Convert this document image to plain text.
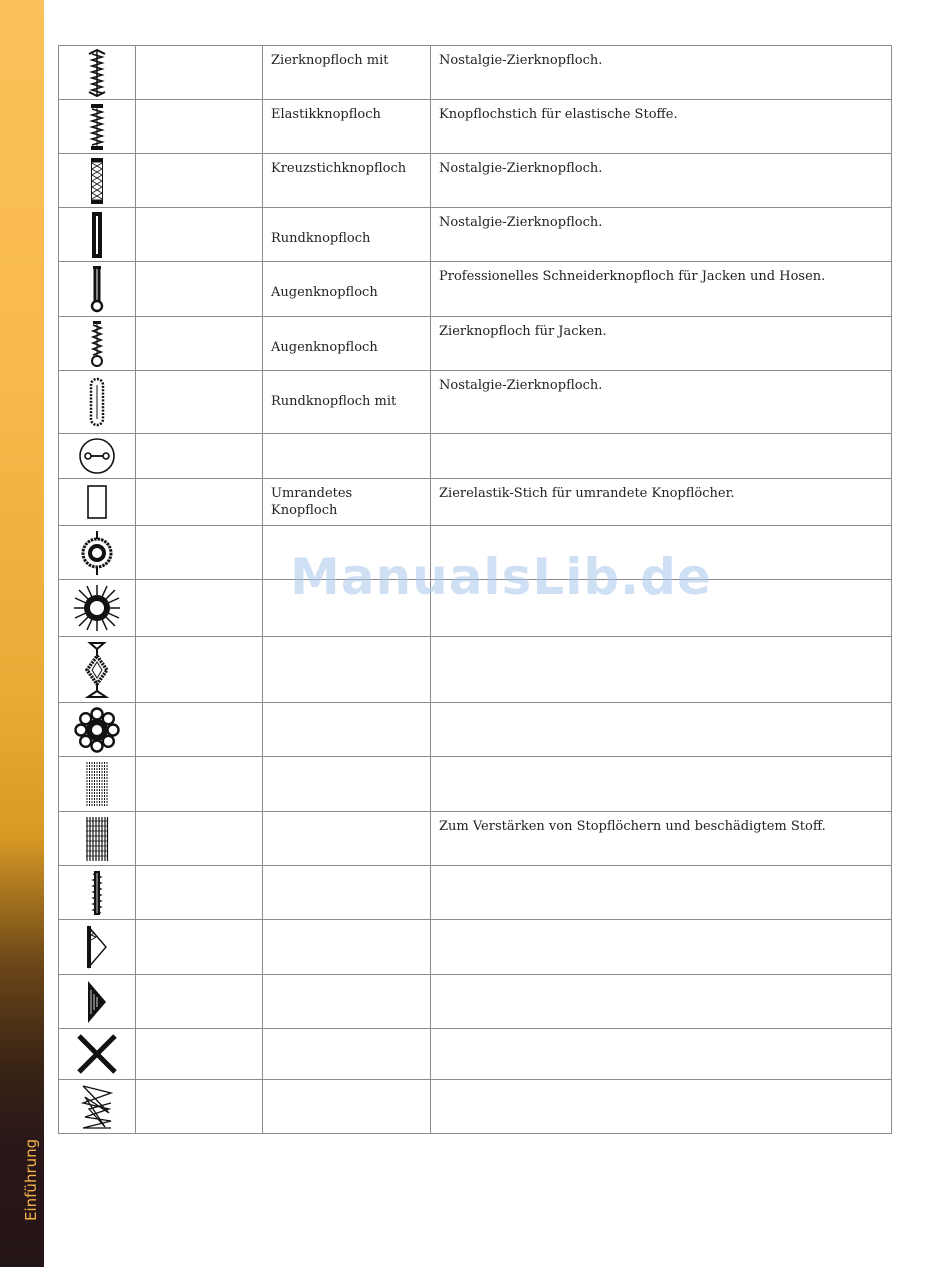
Einführung
		Zierknopfloch mit	Nostalgie-Zierknopfloch.

		Elastikknopfloch	Knopflochstich für elastische Stoffe.

		Kreuzstichknopfloch	Nostalgie-Zierknopfloch.

		Rundknopfloch	Nostalgie-Zierknopfloch.

		Augenknopfloch	Professionelles Schneiderknopfloch für Jacken und Hosen.

		Augenknopfloch	Zierknopfloch für Jacken.

		Rundknopfloch mit	Nostalgie-Zierknopfloch.

		Umrandetes Knopfloch	Zierelastik-Stich für umrandete Knopflöcher.

			Zum Verstärken von Stopflöchern und beschädigtem Stoff.

ManualsLib.de
